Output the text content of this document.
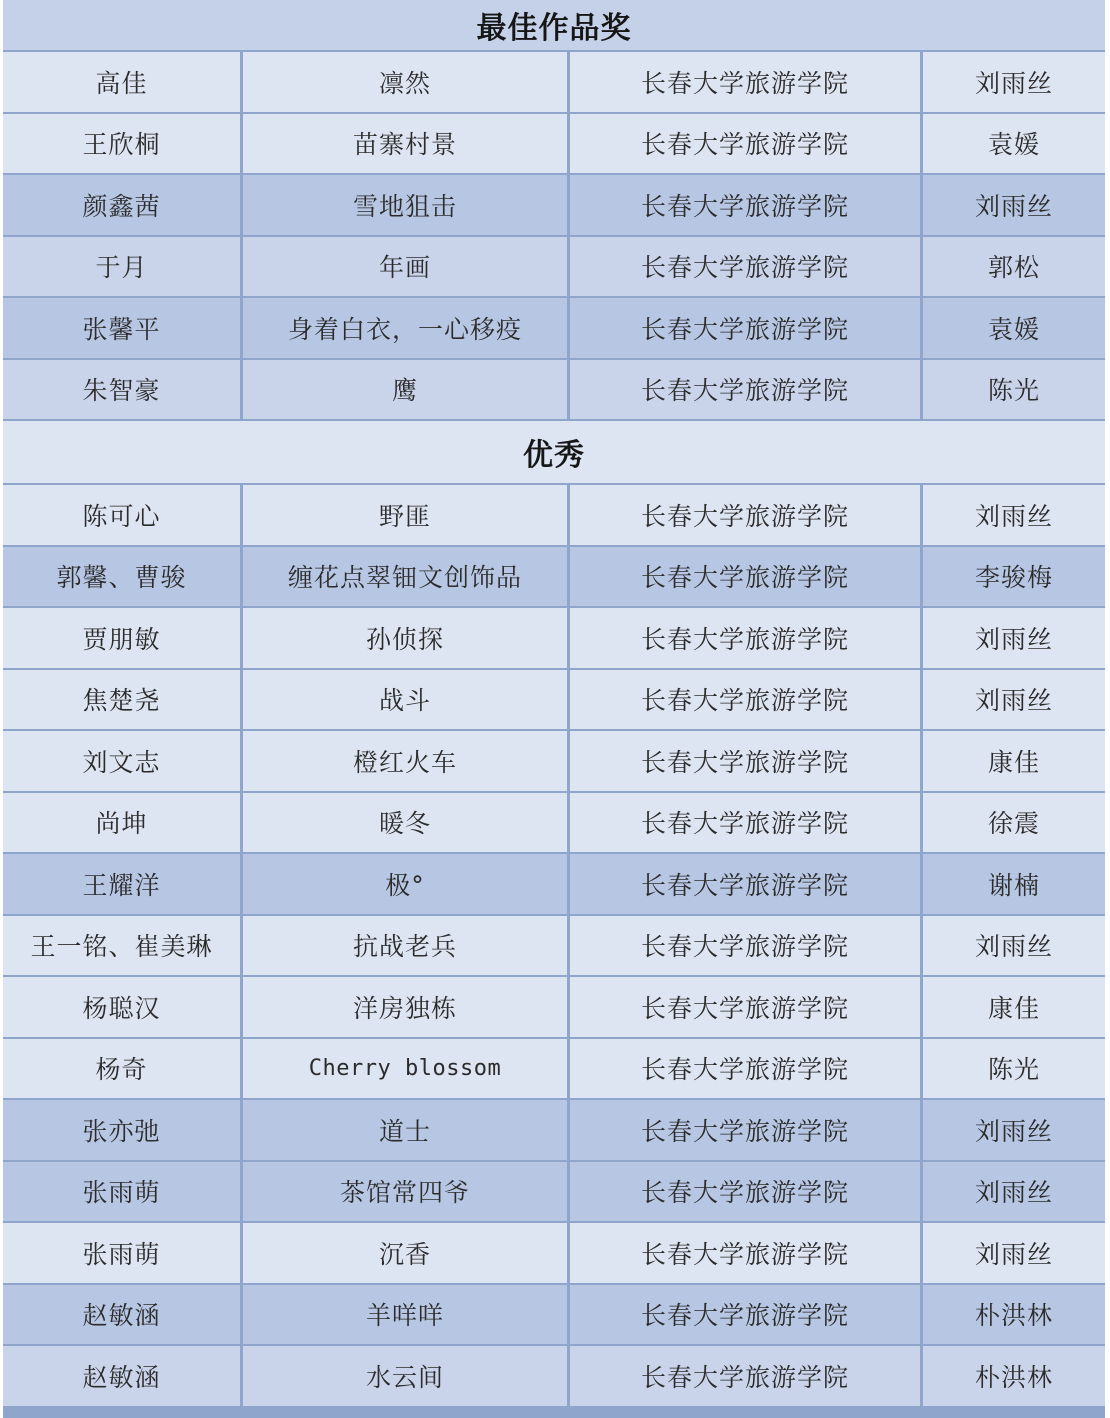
最佳作品奖
高佳	凛然	长春大学旅游学院	刘雨丝
王欣桐	苗寨村景	长春大学旅游学院	袁媛
颜鑫茜	雪地狙击	长春大学旅游学院	刘雨丝
于月	年画	长春大学旅游学院	郭松
张馨平	身着白衣，一心移疫	长春大学旅游学院	袁媛
朱智豪	鹰	长春大学旅游学院	陈光
优秀
陈可心	野匪	长春大学旅游学院	刘雨丝
郭馨、曹骏	缠花点翠钿文创饰品	长春大学旅游学院	李骏梅
贾朋敏	孙侦探	长春大学旅游学院	刘雨丝
焦楚尧	战斗	长春大学旅游学院	刘雨丝
刘文志	橙红火车	长春大学旅游学院	康佳
尚坤	暖冬	长春大学旅游学院	徐震
王耀洋	极°	长春大学旅游学院	谢楠
王一铭、崔美琳	抗战老兵	长春大学旅游学院	刘雨丝
杨聪汉	洋房独栋	长春大学旅游学院	康佳
杨奇	Cherry blossom	长春大学旅游学院	陈光
张亦弛	道士	长春大学旅游学院	刘雨丝
张雨萌	茶馆常四爷	长春大学旅游学院	刘雨丝
张雨萌	沉香	长春大学旅游学院	刘雨丝
赵敏涵	羊咩咩	长春大学旅游学院	朴洪林
赵敏涵	水云间	长春大学旅游学院	朴洪林
